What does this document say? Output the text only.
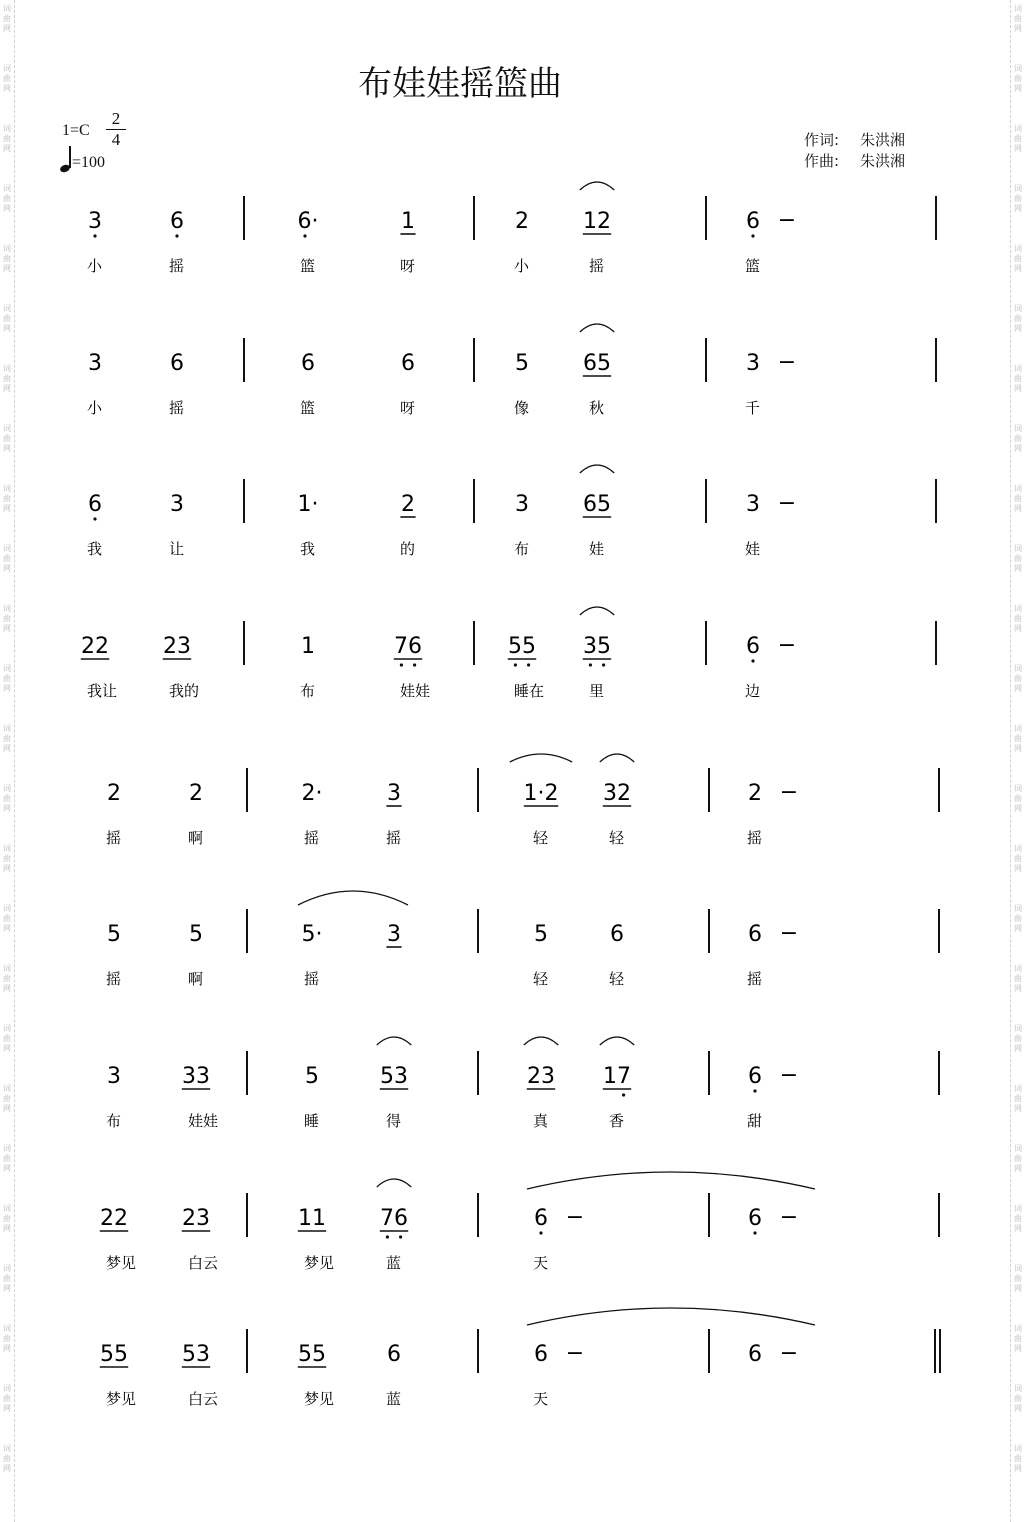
词
曲
网
词
曲
网
词
曲
网
词
曲
网
词
曲
网
词
曲
网
词
曲
网
词
曲
网
词
曲
网
词
曲
网
词
曲
网
词
曲
网
词
曲
网
词
曲
网
词
曲
网
词
曲
网
词
曲
网
词
曲
网
词
曲
网
词
曲
网
词
曲
网
词
曲
网
词
曲
网
词
曲
网
词
曲
网
词
曲
网
词
曲
网
词
曲
网
词
曲
网
词
曲
网
词
曲
网
词
曲
网
词
曲
网
词
曲
网
词
曲
网
词
曲
网
词
曲
网
词
曲
网
词
曲
网
词
曲
网
词
曲
网
词
曲
网
词
曲
网
词
曲
网
词
曲
网
词
曲
网
词
曲
网
词
曲
网
词
曲
网
词
曲
网
布娃娃摇篮曲
1=C
2
4
=100
作词: 朱洪湘
作曲: 朱洪湘
3
小
6
摇
6·
篮
1
呀
2
小
12
摇
6 −
篮
3
小
6
摇
6
篮
6
呀
5
像
65
秋
3 −
千
6
我
3
让
1·
我
2
的
3
布
65
娃
3 −
娃
22
我让
23
我的
1
布
76
娃娃
55
睡在
35
里
6 −
边
2
摇
2
啊
2·
摇
3
摇
1·2
轻
32
轻
2 −
摇
5
摇
5
啊
5·
摇
3	5
轻
6
轻
6 −
摇
3
布
33
娃娃
5
睡
53
得
23
真
17
香
6 −
甜
22
梦见
23
白云
11
梦见
76
蓝
6 −
天
6 −
55
梦见
53
白云
55
梦见
6
蓝
6 −
天
6 −
